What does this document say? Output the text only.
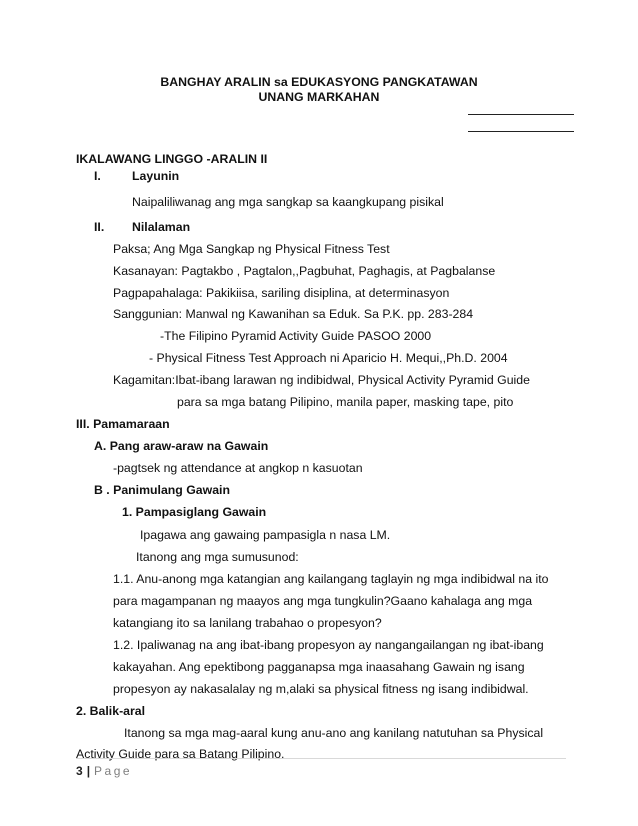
BANGHAY ARALIN sa EDUKASYONG PANGKATAWAN
UNANG MARKAHAN
IKALAWANG LINGGO -ARALIN II
I.	Layunin
Naipaliliwanag ang mga sangkap sa kaangkupang pisikal
II. Nilalaman
Paksa; Ang Mga Sangkap ng Physical Fitness Test
Kasanayan: Pagtakbo , Pagtalon,,Pagbuhat, Paghagis, at Pagbalanse
Pagpapahalaga: Pakikiisa, sariling disiplina, at determinasyon
Sanggunian: Manwal ng Kawanihan sa Eduk. Sa P.K. pp. 283-284
-The Filipino Pyramid Activity Guide PASOO 2000
- Physical Fitness Test Approach ni Aparicio H. Mequi,,Ph.D. 2004
Kagamitan:Ibat-ibang larawan ng indibidwal, Physical Activity Pyramid Guide
para sa mga batang Pilipino, manila paper, masking tape, pito
III. Pamamaraan
A. Pang araw-araw na Gawain
-pagtsek ng attendance at angkop n kasuotan
B . Panimulang Gawain
1. Pampasiglang Gawain
Ipagawa ang gawaing pampasigla n nasa LM.
Itanong ang mga sumusunod:
1.1. Anu-anong mga katangian ang kailangang taglayin ng mga indibidwal na ito
para magampanan ng maayos ang mga tungkulin?Gaano kahalaga ang mga
katangiang ito sa lanilang trabahao o propesyon?
1.2. Ipaliwanag na ang ibat-ibang propesyon ay nangangailangan ng ibat-ibang
kakayahan. Ang epektibong pagganapsa mga inaasahang Gawain ng isang
propesyon ay nakasalalay ng m,alaki sa physical fitness ng isang indibidwal.
2. Balik-aral
Itanong sa mga mag-aaral kung anu-ano ang kanilang natutuhan sa Physical
Activity Guide para sa Batang Pilipino.
3 | Page
